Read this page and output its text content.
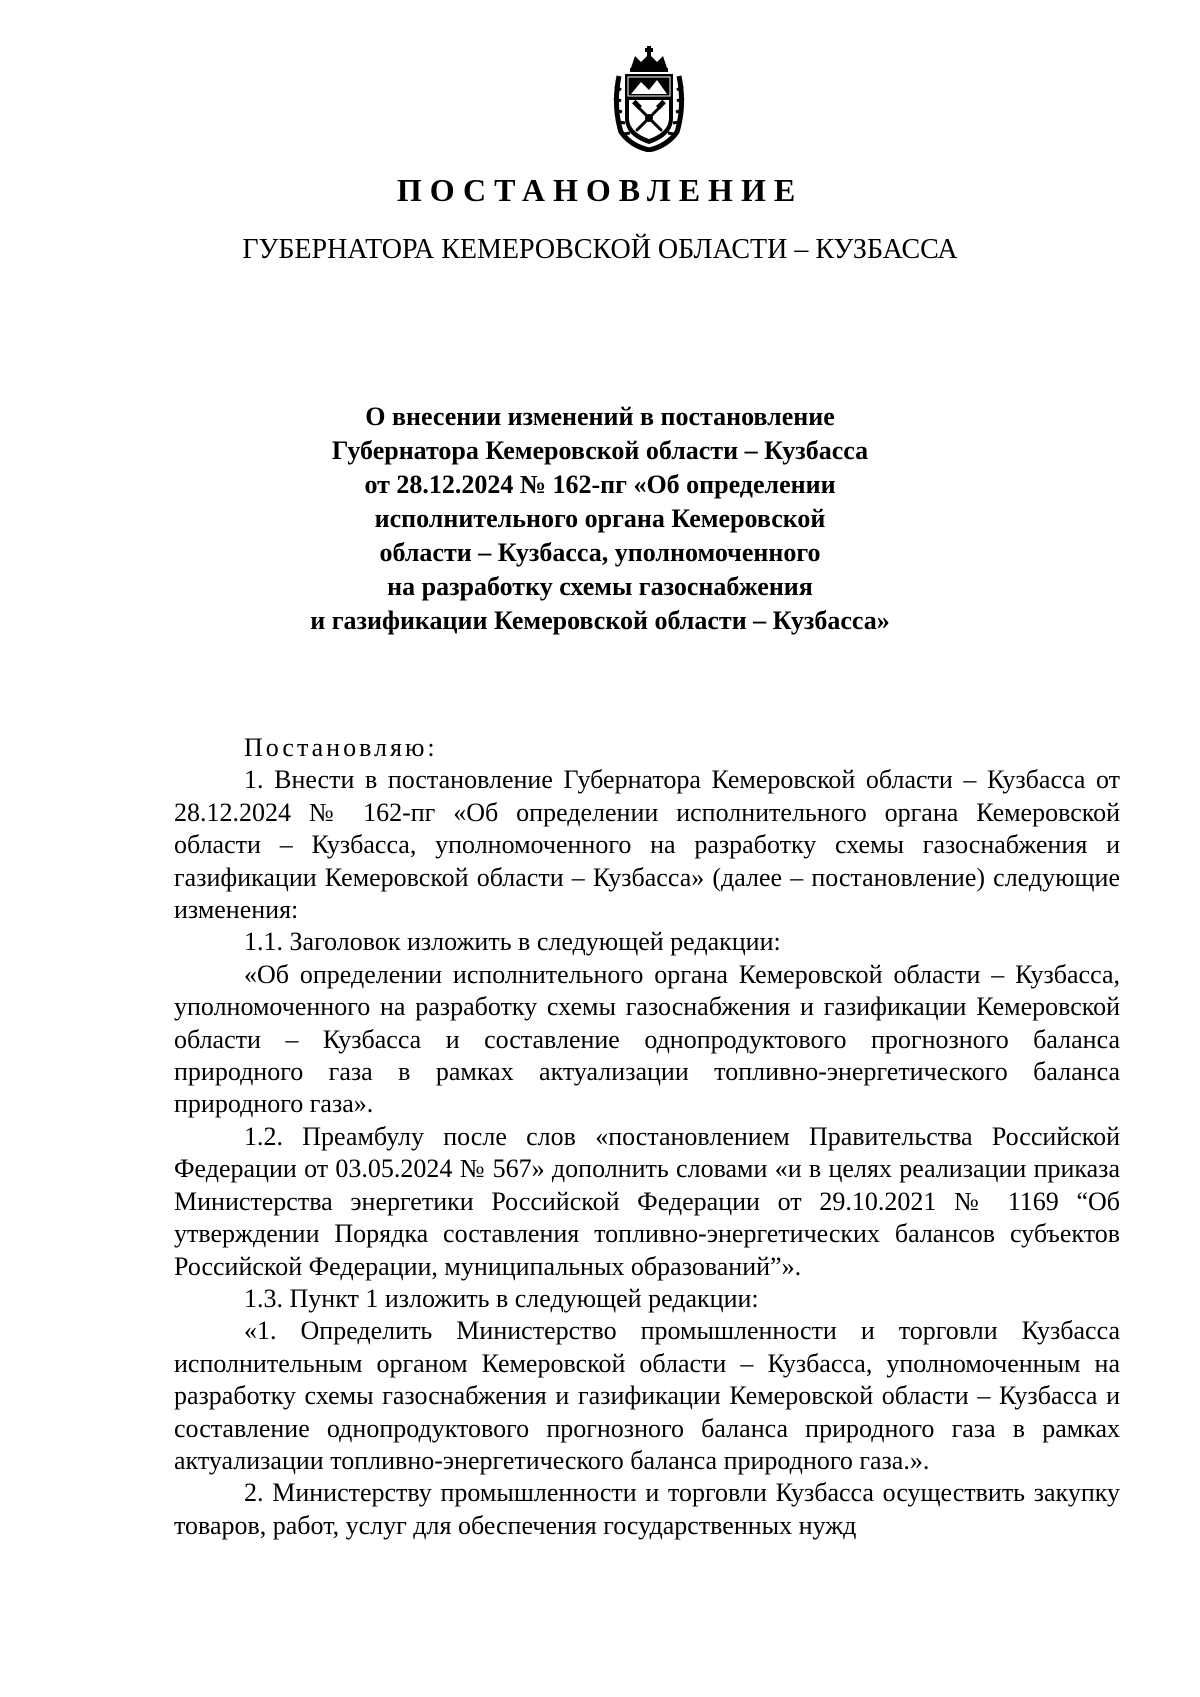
ПОСТАНОВЛЕНИЕ
ГУБЕРНАТОРА КЕМЕРОВСКОЙ ОБЛАСТИ – КУЗБАССА
О внесении изменений в постановление
Губернатора Кемеровской области – Кузбасса
от 28.12.2024 № 162-пг «Об определении
исполнительного органа Кемеровской
области – Кузбасса, уполномоченного
на разработку схемы газоснабжения
и газификации Кемеровской области – Кузбасса»

Постановляю:

1. Внести в постановление Губернатора Кемеровской области – Кузбасса от 28.12.2024 № 162-пг «Об определении исполнительного органа Кемеровской области – Кузбасса, уполномоченного на разработку схемы газоснабжения и газификации Кемеровской области – Кузбасса» (далее – постановление) следующие изменения:

1.1. Заголовок изложить в следующей редакции:

«Об определении исполнительного органа Кемеровской области – Кузбасса, уполномоченного на разработку схемы газоснабжения и газификации Кемеровской области – Кузбасса и составление однопродуктового прогнозного баланса природного газа в рамках актуализации топливно-энергетического баланса природного газа».

1.2. Преамбулу после слов «постановлением Правительства Российской Федерации от 03.05.2024 № 567» дополнить словами «и в целях реализации приказа Министерства энергетики Российской Федерации от 29.10.2021 № 1169 “Об утверждении Порядка составления топливно-энергетических балансов субъектов Российской Федерации, муниципальных образований”».

1.3. Пункт 1 изложить в следующей редакции:

«1. Определить Министерство промышленности и торговли Кузбасса исполнительным органом Кемеровской области – Кузбасса, уполномоченным на разработку схемы газоснабжения и газификации Кемеровской области – Кузбасса и составление однопродуктового прогнозного баланса природного газа в рамках актуализации топливно-энергетического баланса природного газа.».

2. Министерству промышленности и торговли Кузбасса осуществить закупку товаров, работ, услуг для обеспечения государственных нужд
